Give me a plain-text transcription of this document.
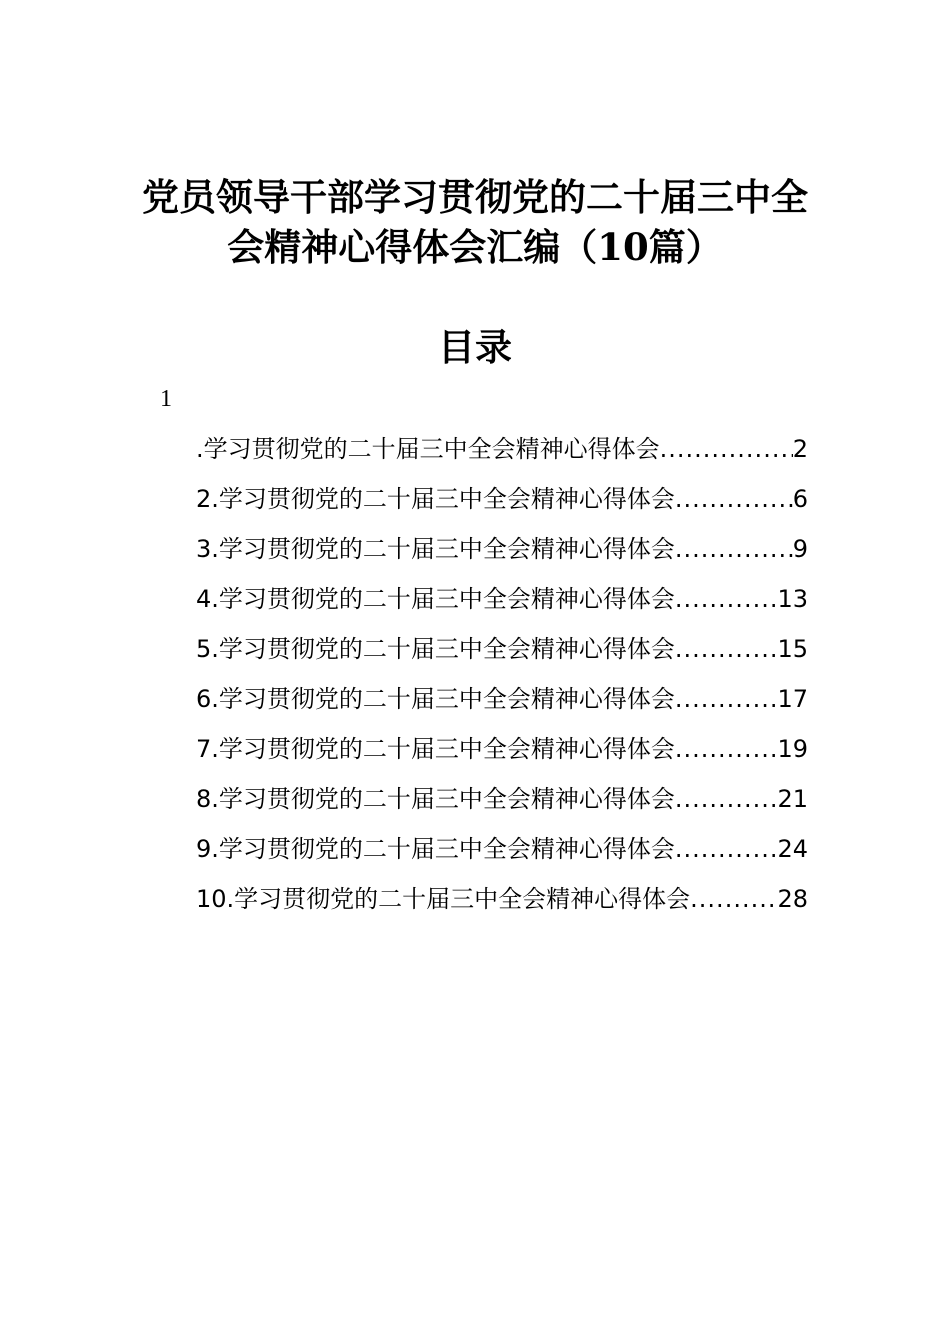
党员领导干部学习贯彻党的二十届三中全
会精神心得体会汇编（10篇）
目录
1
.学习贯彻党的二十届三中全会精神心得体会 .....	2
2.学习贯彻党的二十届三中全会精神心得体会 .....	6
3.学习贯彻党的二十届三中全会精神心得体会 .....	9
4.学习贯彻党的二十届三中全会精神心得体会 .....	13
5.学习贯彻党的二十届三中全会精神心得体会 .....	15
6.学习贯彻党的二十届三中全会精神心得体会 .....	17
7.学习贯彻党的二十届三中全会精神心得体会 .....	19
8.学习贯彻党的二十届三中全会精神心得体会 .....	21
9.学习贯彻党的二十届三中全会精神心得体会 .....	24
10.学习贯彻党的二十届三中全会精神心得体会 .....	28
